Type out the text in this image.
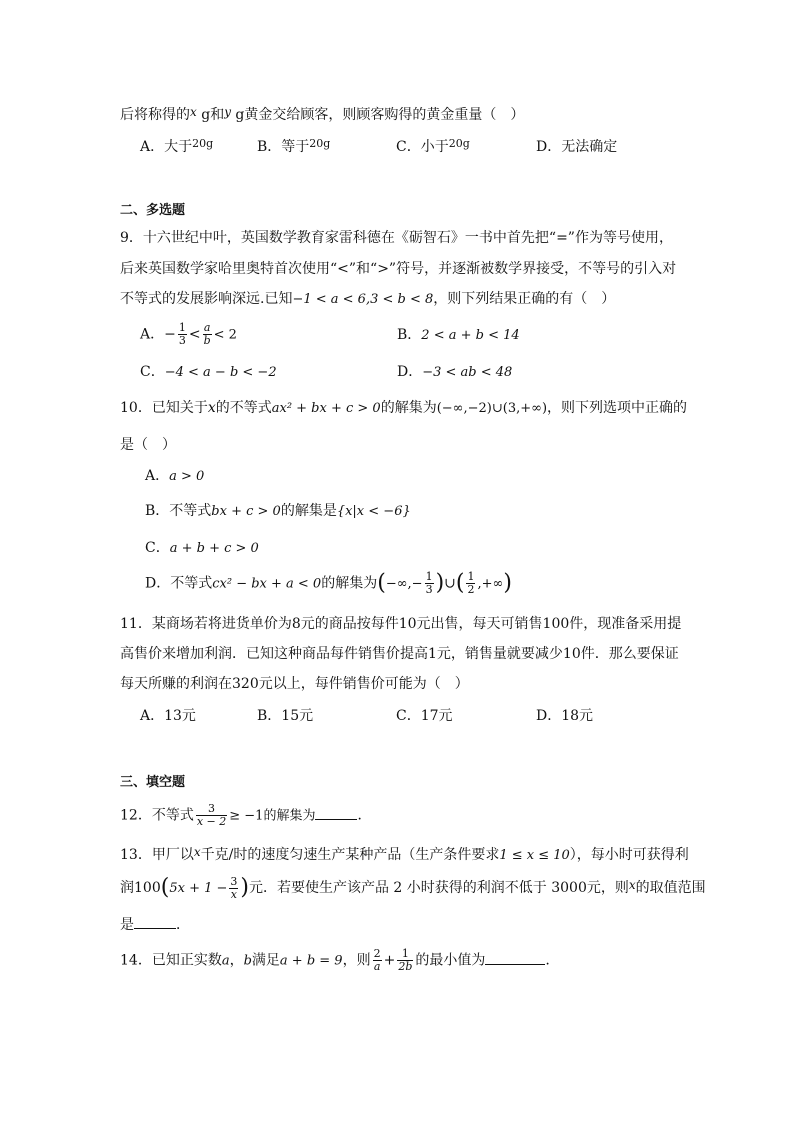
后将称得的x g和y g黄金交给顾客，则顾客购得的黄金重量（　）
A．大于$^{20g}$	B．等于$^{20g}$	C．小于$^{20g}$	D．无法确定
二、多选题
9．十六世纪中叶，英国数学教育家雷科德在《砺智石》一书中首先把“=”作为等号使用，
后来英国数学家哈里奥特首次使用“<”和“>”符号，并逐渐被数学界接受，不等号的引入对
不等式的发展影响深远.已知−1 < a < 6,3 < b < 8，则下列结果正确的有（　）
A．− $\frac{1}{3} < \frac{a}{b} < 2$	B．2 < a + b < 14
C．−4 < a − b < −2	D．−3 < ab < 48
10．已知关于x的不等式ax² + bx + c > 0的解集为(−∞,−2)∪(3,+∞)，则下列选项中正确的
是（　）
A．a > 0
B．不等式bx + c > 0的解集是{x|x < −6}
C．a + b + c > 0
D．不等式cx² − bx + a < 0的解集为(−∞,− $\frac{1}{3}$ )∪( $\frac{1}{2}$ ,+∞)
11．某商场若将进货单价为8元的商品按每件10元出售，每天可销售100件，现准备采用提
高售价来增加利润．已知这种商品每件销售价提高1元，销售量就要减少10件．那么要保证
每天所赚的利润在320元以上，每件销售价可能为（　）
A．13元	B．15元	C．17元	D．18元
三、填空题
12．不等式 $\frac{3}{x - 2} \ge -1$的解集为	．
13．甲厂以x千克/时的速度匀速生产某种产品（生产条件要求1 ≤ x ≤ 10），每小时可获得利
润$100(5x + 1 - \frac{3}{x}$ )元．若要使生产该产品 2 小时获得的利润不低于 3000元，则x的取值范围
是	．
14．已知正实数a，b满足a + b = 9，则 $\frac{2}{a} + \frac{1}{2b}$ 的最小值为	.
